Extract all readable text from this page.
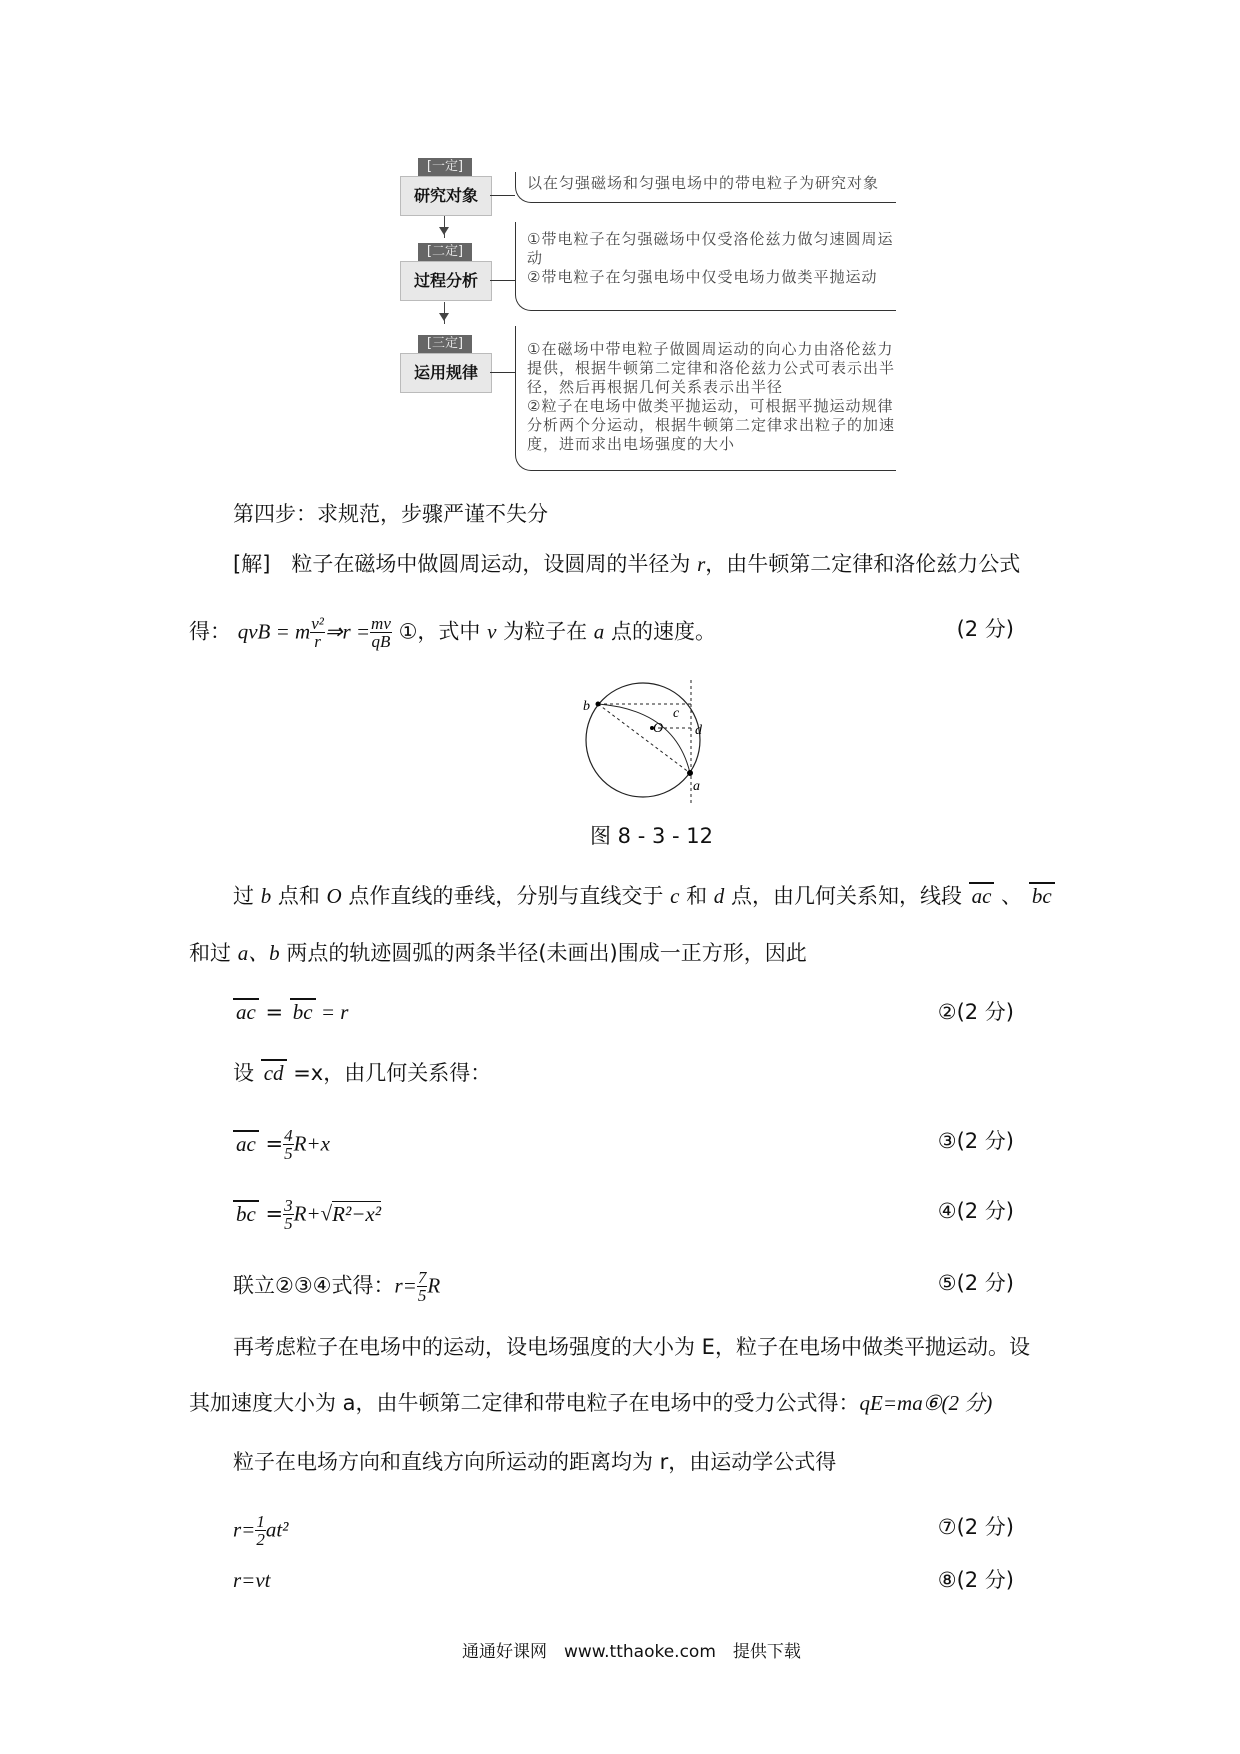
[一定]
研究对象
以在匀强磁场和匀强电场中的带电粒子为研究对象
[二定]
过程分析
①带电粒子在匀强磁场中仅受洛伦兹力做匀速圆周运动
②带电粒子在匀强电场中仅受电场力做类平抛运动
[三定]
运用规律
①在磁场中带电粒子做圆周运动的向心力由洛伦兹力提供，根据牛顿第二定律和洛伦兹力公式可表示出半径，然后再根据几何关系表示出半径
②粒子在电场中做类平抛运动，可根据平抛运动规律分析两个分运动，根据牛顿第二定律求出粒子的加速度，进而求出电场强度的大小
第四步：求规范，步骤严谨不失分
[解]　粒子在磁场中做圆周运动，设圆周的半径为 r，由牛顿第二定律和洛伦兹力公式
得： qvB = m $\frac{\text{v²}}{r}$ ⇒r = $\frac{mv}{qB}$ ①，式中 v 为粒子在 a 点的速度。	(2 分)
b	c
O d
a
图 8 - 3 - 12
过 b 点和 O 点作直线的垂线，分别与直线交于 c 和 d 点，由几何关系知，线段 ac 、 bc
和过 a、b 两点的轨迹圆弧的两条半径(未画出)围成一正方形，因此
ac = bc = r	②(2 分)
设 cd =x，由几何关系得：
ac = $\frac{4}{5} R+x$	③(2 分)
bc = $\frac{3}{5} R+√R^2-x^2$	④(2 分)
联立②③④式得：$r= \frac{7}{5}$ R	⑤(2 分)
再考虑粒子在电场中的运动，设电场强度的大小为 E，粒子在电场中做类平抛运动。设
其加速度大小为 a，由牛顿第二定律和带电粒子在电场中的受力公式得：qE=ma⑥(2 分)
粒子在电场方向和直线方向所运动的距离均为 r，由运动学公式得
$r= \frac{1}{2} at^2$	⑦(2 分)
r=vt	⑧(2 分)
通通好课网　www.tthaoke.com　提供下载
